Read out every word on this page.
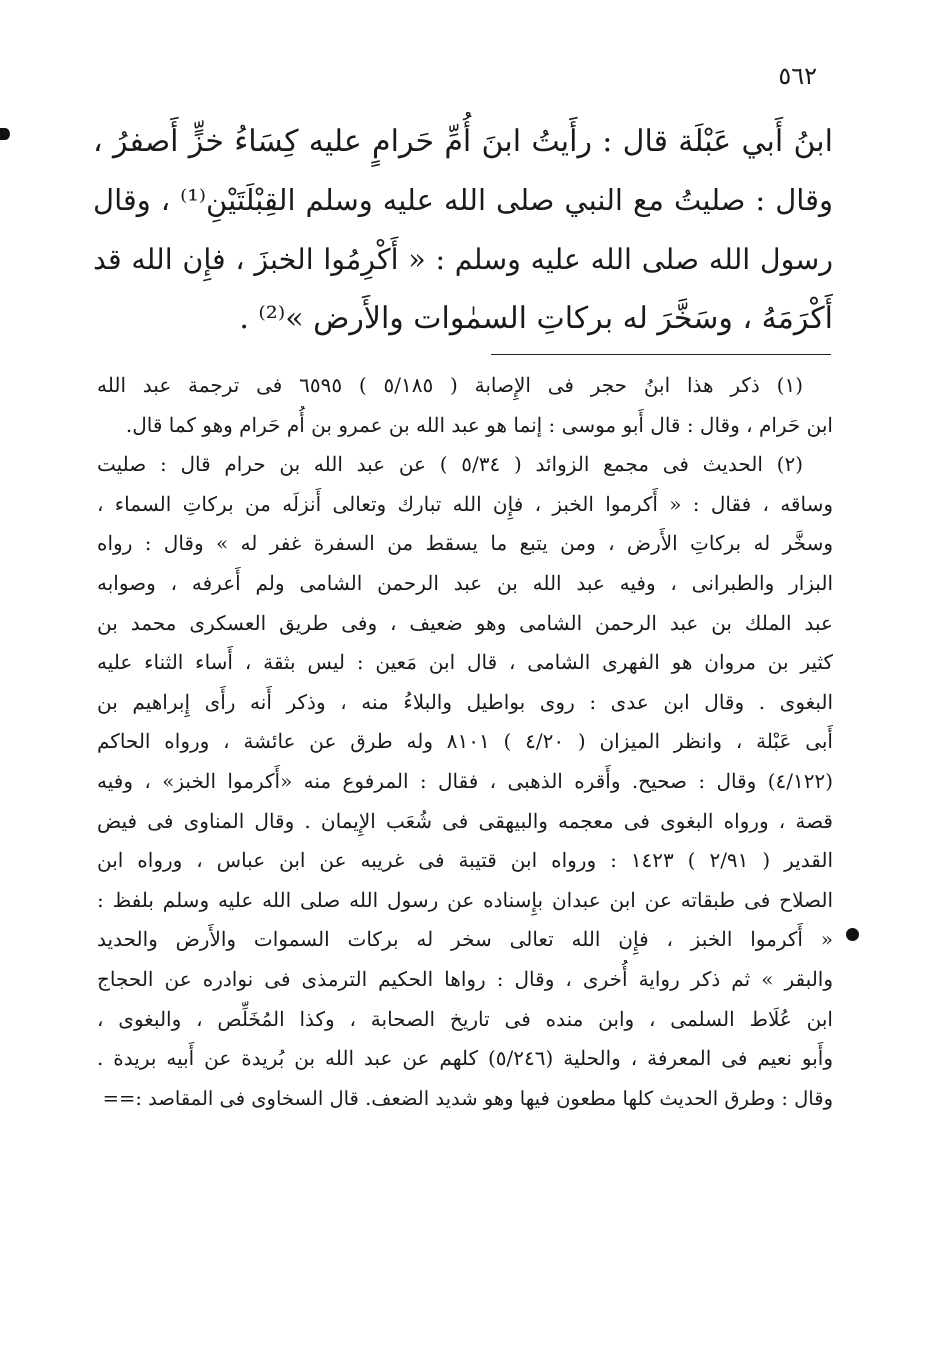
٥٦٢
ابنُ أَبي عَبْلَة قال : رأَيتُ ابنَ أُمِّ حَرامٍ عليه كِسَاءُ خزٍّ أَصفرُ ،
وقال : صليتُ مع النبي صلى الله عليه وسلم القِبْلَتَيْنِ⁽¹⁾ ، وقال
رسول الله صلى الله عليه وسلم : « أَكْرِمُوا الخبزَ ، فإِن الله قد
أَكْرَمَهُ ، وسَخَّرَ له بركاتِ السمٰوات والأَرض »⁽²⁾ .
(١) ذكر هذا ابنُ حجر فى الإِصابة ( ٥/١٨٥ ) ٦٥٩٥ فى ترجمة عبد الله
ابن حَرام ، وقال : قال أَبو موسى : إنما هو عبد الله بن عمرو بن أُم حَرام وهو كما قال.
(٢) الحديث فى مجمع الزوائد ( ٥/٣٤ ) عن عبد الله بن حرام قال : صليت
وساقه ، فقال : « أَكرموا الخبز ، فإِن الله تبارك وتعالى أَنزلَه من بركاتِ السماء ،
وسخَّر له بركاتِ الأَرض ، ومن يتبع ما يسقط من السفرة غفر له » وقال : رواه
البزار والطبرانى ، وفيه عبد الله بن عبد الرحمن الشامى ولم أَعرفه ، وصوابه
عبد الملك بن عبد الرحمن الشامى وهو ضعيف ، وفى طريق العسكرى محمد بن
كثير بن مروان هو الفهرى الشامى ، قال ابن مَعين : ليس بثقة ، أَساء الثناء عليه
البغوى . وقال ابن عدى : روى بواطيل والبلاءُ منه ، وذكر أَنه رأَى إِبراهيم بن
أَبى عَبْلة ، وانظر الميزان ( ٤/٢٠ ) ٨١٠١ وله طرق عن عائشة ، ورواه الحاكم
(٤/١٢٢) وقال : صحيح. وأَقره الذهبى ، فقال : المرفوع منه «أَكرموا الخبز» ، وفيه
قصة ، ورواه البغوى فى معجمه والبيهقى فى شُعَب الإِيمان . وقال المناوى فى فيض
القدير ( ٢/٩١ ) ١٤٢٣ : ورواه ابن قتيبة فى غريبه عن ابن عباس ، ورواه ابن
الصلاح فى طبقاته عن ابن عبدان بإِسناده عن رسول الله صلى الله عليه وسلم بلفظ :
« أَكرموا الخبز ، فإِن الله تعالى سخر له بركات السموات والأَرض والحديد
والبقر » ثم ذكر رواية أُخرى ، وقال : رواها الحكيم الترمذى فى نوادره عن الحجاج
ابن عُلَاط السلمى ، وابن منده فى تاريخ الصحابة ، وكذا المُخَلِّص ، والبغوى ،
وأَبو نعيم فى المعرفة ، والحلية (٥/٢٤٦) كلهم عن عبد الله بن بُريدة عن أَبيه بريدة .
وقال : وطرق الحديث كلها مطعون فيها وهو شديد الضعف. قال السخاوى فى المقاصد :==
